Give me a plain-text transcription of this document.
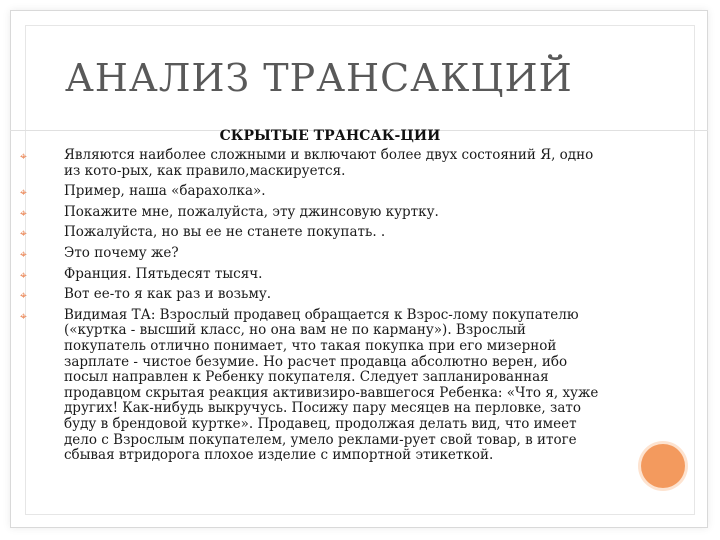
АНАЛИЗ ТРАНСАКЦИЙ
СКРЫТЫЕ ТРАНСАК-ЦИИ
⌖	Являются наиболее сложными и включают более двух состояний Я, одно из кото-рых, как правило,маскируется.
⌖	Пример, наша «барахолка».
⌖	Покажите мне, пожалуйста, эту джинсовую куртку.
⌖	Пожалуйста, но вы ее не станете покупать. .
⌖	Это почему же?
⌖	Франция. Пятьдесят тысяч.
⌖	Вот ее-то я как раз и возьму.
⌖	Видимая ТА: Взрослый продавец обращается к Взрос-лому покупателю («куртка - высший класс, но она вам не по карману»). Взрослый покупатель отлично понимает, что такая покупка при его мизерной зарплате - чистое безумие. Но расчет продавца абсолютно верен, ибо посыл направлен к Ребенку покупателя. Следует запланированная продавцом скрытая реакция активизиро-вавшегося Ребенка: «Что я, хуже других! Как-нибудь выкручусь. Посижу пару месяцев на перловке, зато буду в брендовой куртке». Продавец, продолжая делать вид, что имеет дело с Взрослым покупателем, умело реклами-рует свой товар, в итоге сбывая втридорога плохое изделие с импортной этикеткой.
